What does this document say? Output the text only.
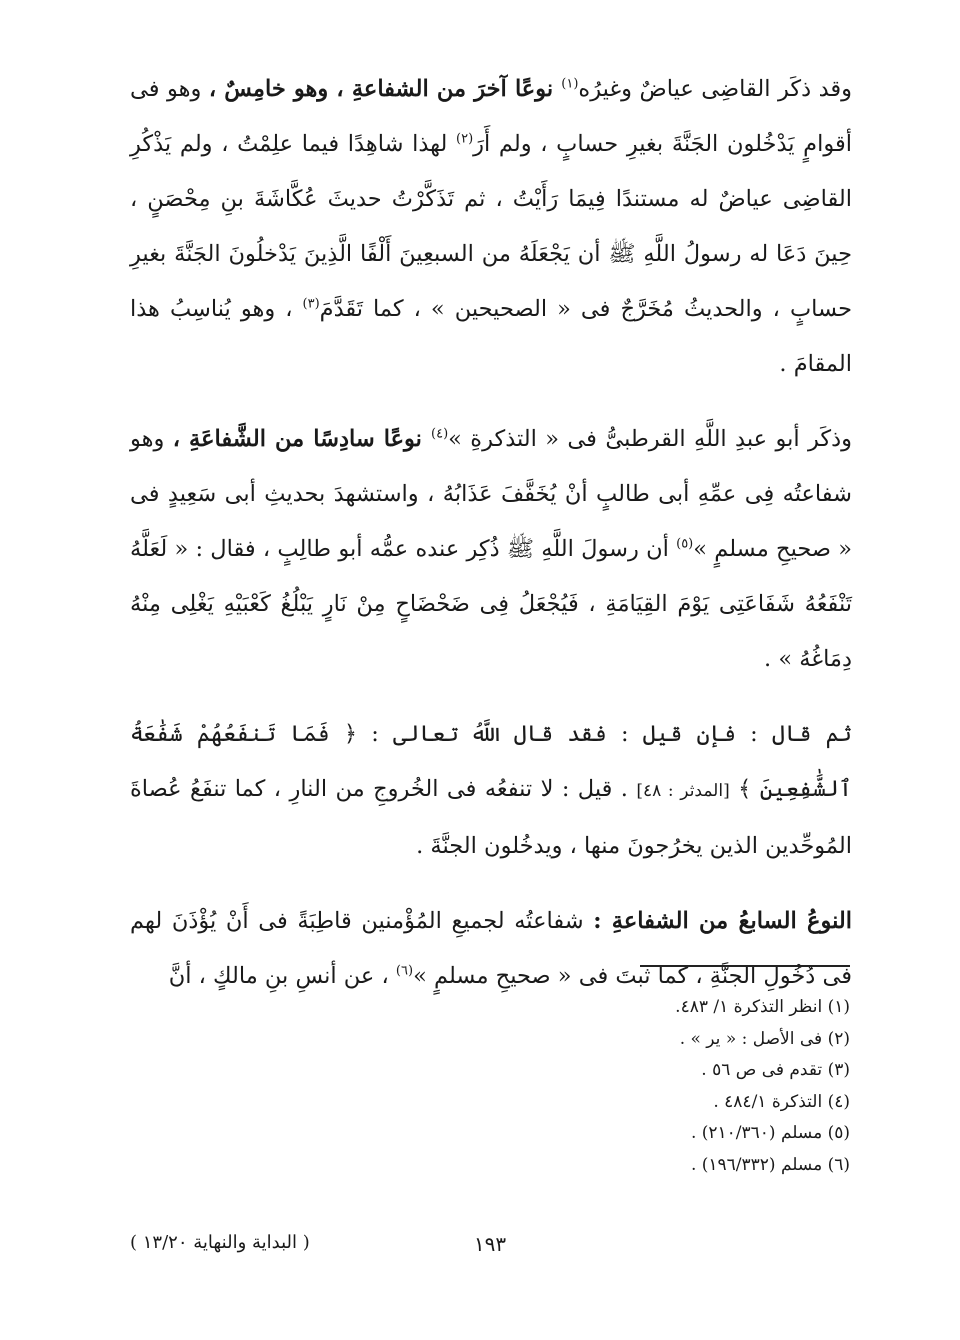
وقد ذكَر القاضِى عياضٌ وغيرُه$^{(١)}$ نوعًا آخرَ من الشفاعةِ ، وهو خامِسٌ ، وهو فى أقوامٍ يَدْخُلون الجَنَّةَ بغيرِ حسابٍ ، ولم أَرَ$^{(٢)}$ لهذا شاهِدًا فيما علِمْتُ ، ولم يَذْكُرِ القاضِى عياضٌ له مستندًا فِيمَا رَأَيْتُ ، ثم تَذَكَّرْتُ حديثَ عُكَّاشَةَ بنِ مِحْصَنٍ ، حِينَ دَعَا له رسولُ اللَّهِ ﷺ أن يَجْعَلَهُ من السبعِينَ أَلْفًا الَّذِينَ يَدْخلُونَ الجَنَّةَ بغيرِ حسابٍ ، والحديثُ مُخَرَّجٌ فى « الصحيحين » ، كما تَقَدَّمَ$^{(٣)}$ ، وهو يُناسِبُ هذا المقامَ .

وذكَر أبو عبدِ اللَّهِ القرطبىُّ فى « التذكرةِ »$^{(٤)}$ نوعًا سادِسًا من الشَّفاعَةِ ، وهو شفاعتُه فِى عمِّهِ أبى طالبٍ أنْ يُخَفَّفَ عَذَابُهُ ، واستشهدَ بحديثِ أبى سَعِيدٍ فى « صحيحِ مسلمٍ »$^{(٥)}$ أن رسولَ اللَّهِ ﷺ ذُكِر عنده عمُّه أبو طالِبٍ ، فقال : « لَعَلَّهُ تَنْفَعُهُ شَفَاعَتِى يَوْمَ القِيَامَةِ ، فَيُجْعَلُ فِى ضَحْضَاحٍ مِنْ نَارٍ يَبْلُغُ كَعْبَيْهِ يَغْلِى مِنْهُ دِمَاغُهُ » .

ثم قال : فإن قيل : فقد قال اللَّهُ تعالى : ﴿ فَمَا تَنفَعُهُمْ شَفَٰعَةُ ٱلشَّٰفِعِينَ ﴾ [المدثر : ٤٨] . قيل : لا تنفعُه فى الخُروجِ من النارِ ، كما تنفَعُ عُصاةَ المُوحِّدين الذين يخرُجونَ منها ، ويدخُلون الجنَّةَ .

النوعُ السابعُ من الشفاعةِ : شفاعتُه لجميعِ المُؤْمنين قاطِبَةً فى أَنْ يُؤْذَنَ لهم فى دُخُولِ الجنَّةِ ، كما ثبتَ فى « صحيحِ مسلمٍ »$^{(٦)}$ ، عن أنسِ بنِ مالكٍ ، أنَّ

(١) انظر التذكرة ١/ ٤٨٣.
(٢) فى الأصل : « ير » .
(٣) تقدم فى ص ٥٦ .
(٤) التذكرة ٤٨٤/١ .
(٥) مسلم (٢١٠/٣٦٠) .
(٦) مسلم (١٩٦/٣٣٢) .
١٩٣
( البداية والنهاية ١٣/٢٠ )
